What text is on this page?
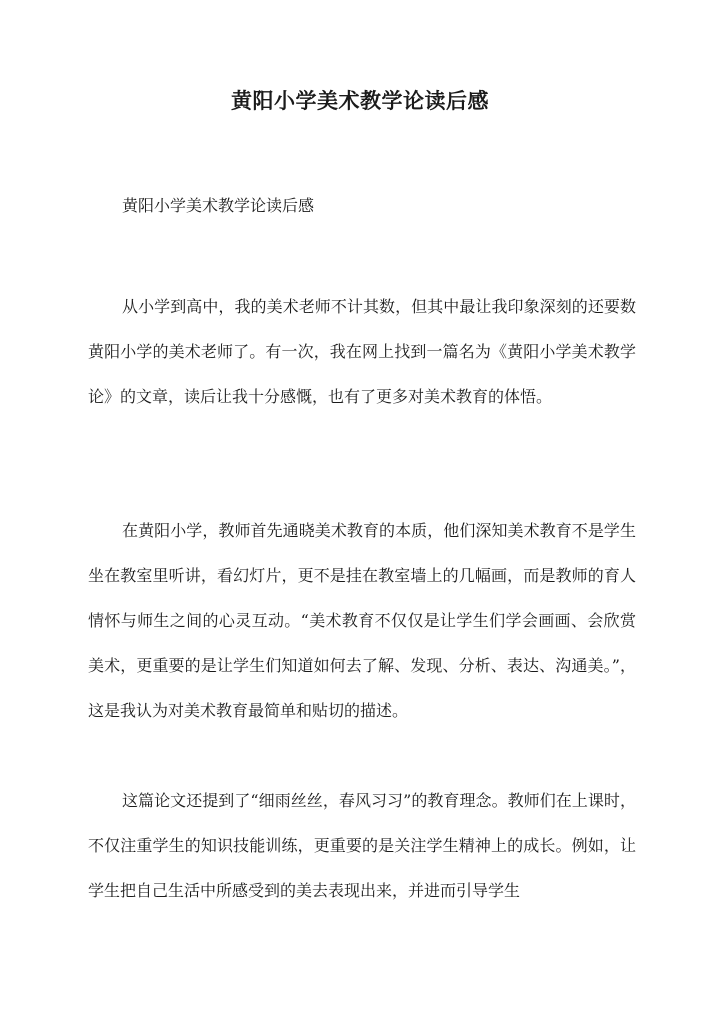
黄阳小学美术教学论读后感
黄阳小学美术教学论读后感

从小学到高中，我的美术老师不计其数，但其中最让我印象深刻的还要数黄阳小学的美术老师了。有一次，我在网上找到一篇名为《黄阳小学美术教学论》的文章，读后让我十分感慨，也有了更多对美术教育的体悟。

在黄阳小学，教师首先通晓美术教育的本质，他们深知美术教育不是学生坐在教室里听讲，看幻灯片，更不是挂在教室墙上的几幅画，而是教师的育人情怀与师生之间的心灵互动。“美术教育不仅仅是让学生们学会画画、会欣赏美术，更重要的是让学生们知道如何去了解、发现、分析、表达、沟通美。”，这是我认为对美术教育最简单和贴切的描述。

这篇论文还提到了“细雨丝丝，春风习习”的教育理念。教师们在上课时，不仅注重学生的知识技能训练，更重要的是关注学生精神上的成长。例如，让学生把自己生活中所感受到的美去表现出来，并进而引导学生
